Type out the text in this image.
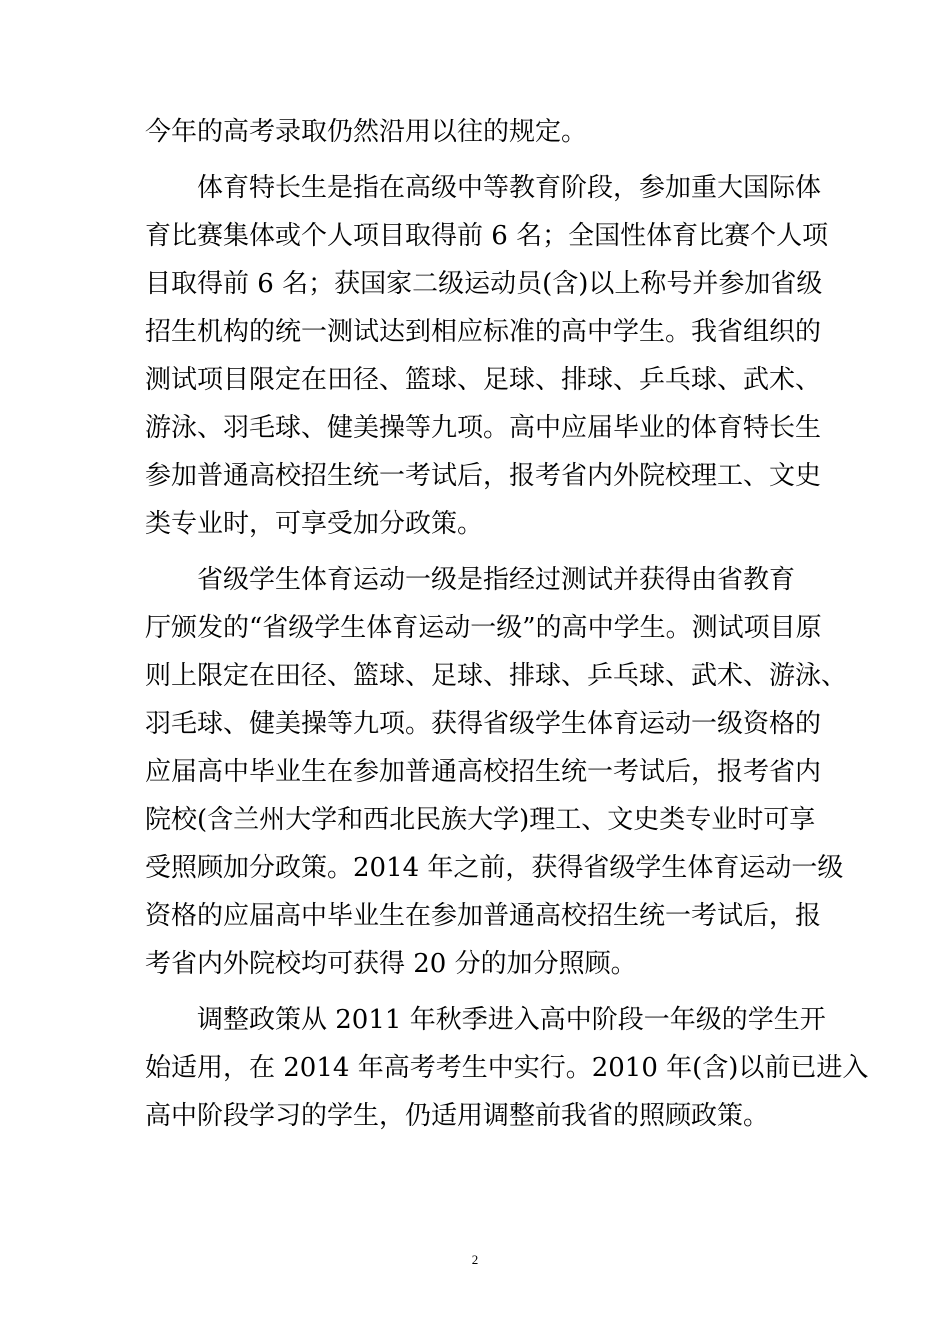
今年的高考录取仍然沿用以往的规定。
体育特长生是指在高级中等教育阶段，参加重大国际体
育比赛集体或个人项目取得前 6 名；全国性体育比赛个人项
目取得前 6 名；获国家二级运动员(含)以上称号并参加省级
招生机构的统一测试达到相应标准的高中学生。我省组织的
测试项目限定在田径、篮球、足球、排球、乒乓球、武术、
游泳、羽毛球、健美操等九项。高中应届毕业的体育特长生
参加普通高校招生统一考试后，报考省内外院校理工、文史
类专业时，可享受加分政策。
省级学生体育运动一级是指经过测试并获得由省教育
厅颁发的“省级学生体育运动一级”的高中学生。测试项目原
则上限定在田径、篮球、足球、排球、乒乓球、武术、游泳、
羽毛球、健美操等九项。获得省级学生体育运动一级资格的
应届高中毕业生在参加普通高校招生统一考试后，报考省内
院校(含兰州大学和西北民族大学)理工、文史类专业时可享
受照顾加分政策。2014 年之前，获得省级学生体育运动一级
资格的应届高中毕业生在参加普通高校招生统一考试后，报
考省内外院校均可获得 20 分的加分照顾。
调整政策从 2011 年秋季进入高中阶段一年级的学生开
始适用，在 2014 年高考考生中实行。2010 年(含)以前已进入
高中阶段学习的学生，仍适用调整前我省的照顾政策。
2
